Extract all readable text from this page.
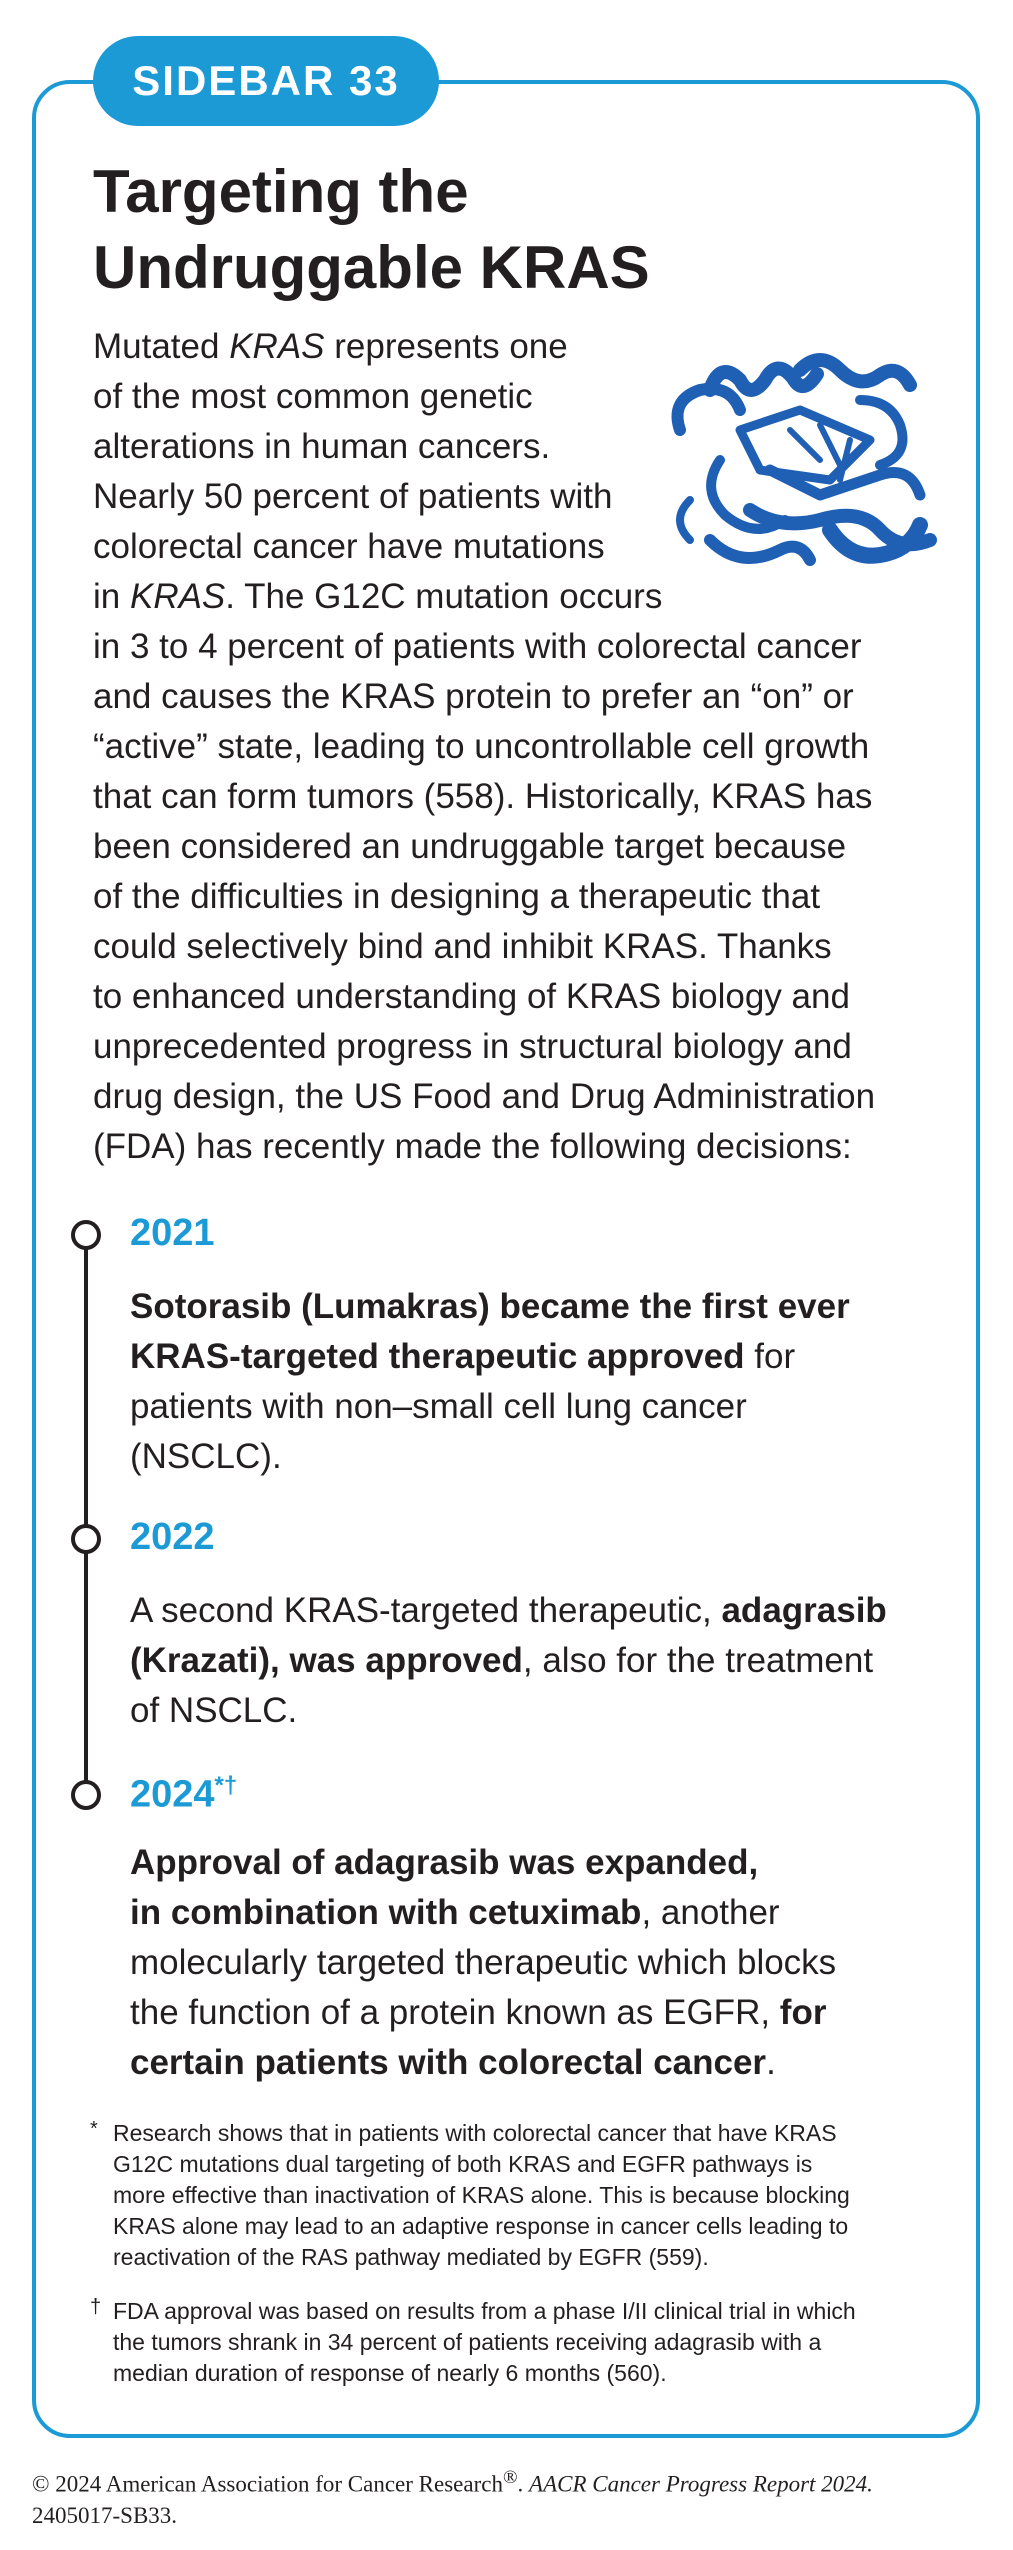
SIDEBAR 33
Targeting the
Undruggable KRAS

Mutated KRAS represents one
of the most common genetic
alterations in human cancers.
Nearly 50 percent of patients with
colorectal cancer have mutations
in KRAS. The G12C mutation occurs
in 3 to 4 percent of patients with colorectal cancer
and causes the KRAS protein to prefer an “on” or
“active” state, leading to uncontrollable cell growth
that can form tumors (558). Historically, KRAS has
been considered an undruggable target because
of the difficulties in designing a therapeutic that
could selectively bind and inhibit KRAS. Thanks
to enhanced understanding of KRAS biology and
unprecedented progress in structural biology and
drug design, the US Food and Drug Administration
(FDA) has recently made the following decisions:

2021

Sotorasib (Lumakras) became the first ever
KRAS-targeted therapeutic approved for
patients with non–small cell lung cancer
(NSCLC).

2022

A second KRAS-targeted therapeutic, adagrasib
(Krazati), was approved, also for the treatment
of NSCLC.

2024*†

Approval of adagrasib was expanded,
in combination with cetuximab, another
molecularly targeted therapeutic which blocks
the function of a protein known as EGFR, for
certain patients with colorectal cancer.

* Research shows that in patients with colorectal cancer that have KRAS
G12C mutations dual targeting of both KRAS and EGFR pathways is
more effective than inactivation of KRAS alone. This is because blocking
KRAS alone may lead to an adaptive response in cancer cells leading to
reactivation of the RAS pathway mediated by EGFR (559).

† FDA approval was based on results from a phase I/II clinical trial in which
the tumors shrank in 34 percent of patients receiving adagrasib with a
median duration of response of nearly 6 months (560).

© 2024 American Association for Cancer Research®. AACR Cancer Progress Report 2024.
2405017-SB33.
